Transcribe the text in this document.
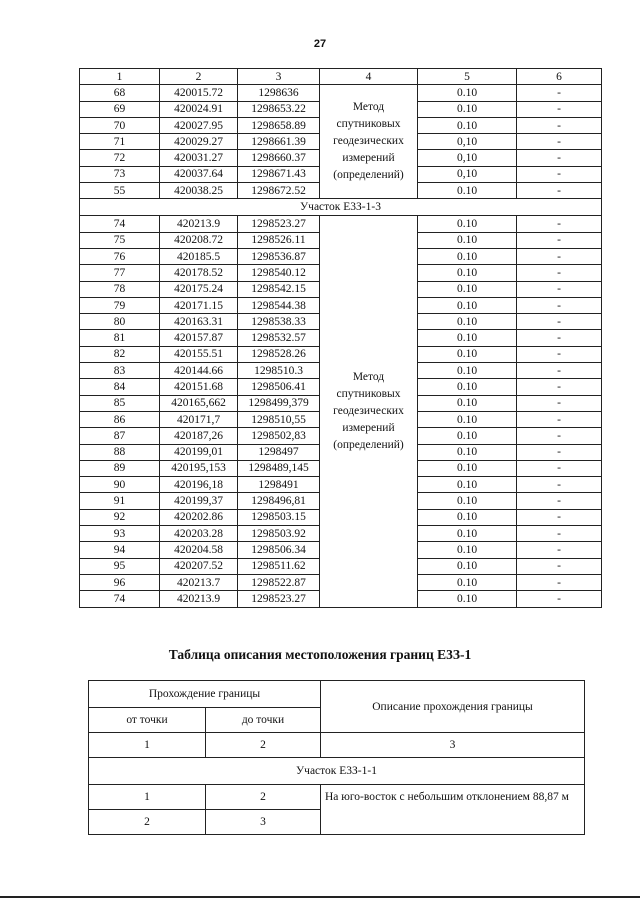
27
1	2	3	4	5	6
68	420015.72	1298636	Метод спутниковых геодезических измерений (определений)	0.10	-
69	420024.91	1298653.22		0.10	-
70	420027.95	1298658.89		0.10	-
71	420029.27	1298661.39		0,10	-
72	420031.27	1298660.37		0,10	-
73	420037.64	1298671.43		0,10	-
55	420038.25	1298672.52		0.10	-
Участок Е3З-1-3					
74	420213.9	1298523.27	Метод спутниковых геодезических измерений (определений)	0.10	-
75	420208.72	1298526.11		0.10	-
76	420185.5	1298536.87		0.10	-
77	420178.52	1298540.12		0.10	-
78	420175.24	1298542.15		0.10	-
79	420171.15	1298544.38		0.10	-
80	420163.31	1298538.33		0.10	-
81	420157.87	1298532.57		0.10	-
82	420155.51	1298528.26		0.10	-
83	420144.66	1298510.3		0.10	-
84	420151.68	1298506.41		0.10	-
85	420165,662	1298499,379		0.10	-
86	420171,7	1298510,55		0.10	-
87	420187,26	1298502,83		0.10	-
88	420199,01	1298497		0.10	-
89	420195,153	1298489,145		0.10	-
90	420196,18	1298491		0.10	-
91	420199,37	1298496,81		0.10	-
92	420202.86	1298503.15		0.10	-
93	420203.28	1298503.92		0.10	-
94	420204.58	1298506.34		0.10	-
95	420207.52	1298511.62		0.10	-
96	420213.7	1298522.87		0.10	-
74	420213.9	1298523.27		0.10	-
Таблица описания местоположения границ Е3З-1
Прохождение границы		Описание прохождения границы
от точки	до точки	
1	2	3
Участок Е3З-1-1		
1	2	На юго-восток с небольшим отклонением 88,87 м
2	3	
